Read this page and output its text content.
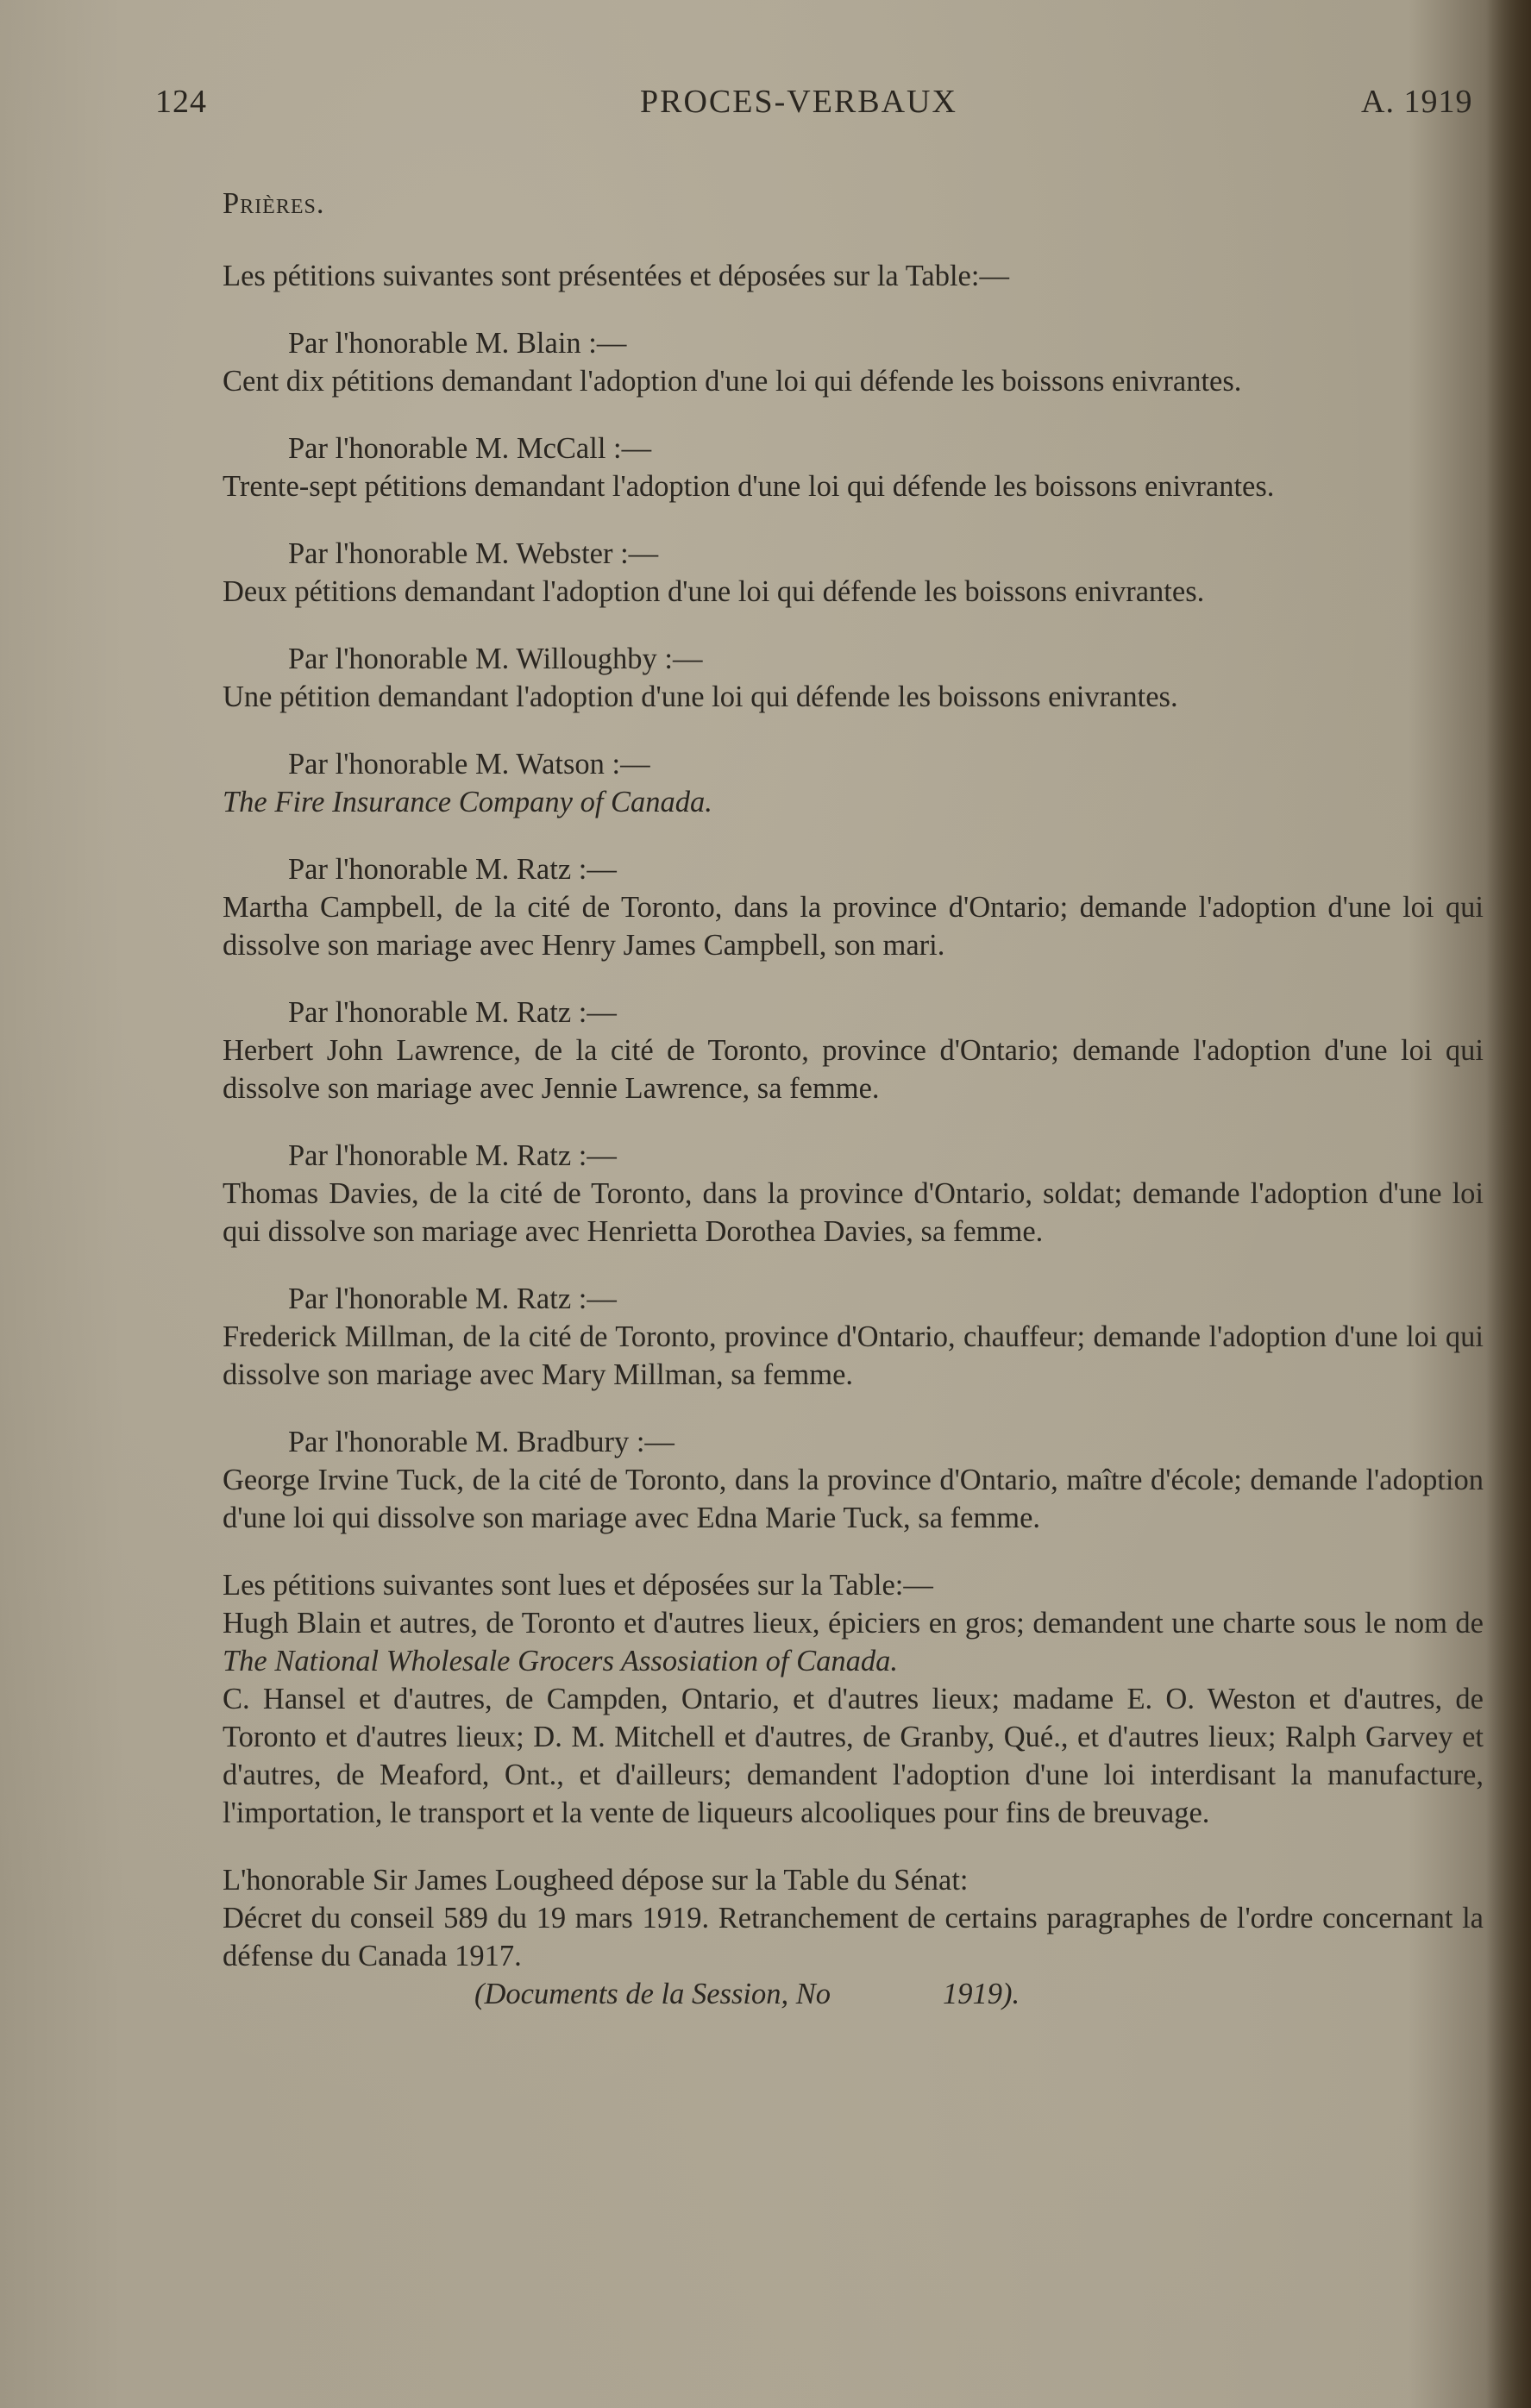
124	PROCES-VERBAUX	A. 1919

Prières.

Les pétitions suivantes sont présentées et déposées sur la Table:—

Par l'honorable M. Blain :—

Cent dix pétitions demandant l'adoption d'une loi qui défende les boissons enivrantes.

Par l'honorable M. McCall :—

Trente-sept pétitions demandant l'adoption d'une loi qui défende les boissons enivrantes.

Par l'honorable M. Webster :—

Deux pétitions demandant l'adoption d'une loi qui défende les boissons enivrantes.

Par l'honorable M. Willoughby :—

Une pétition demandant l'adoption d'une loi qui défende les boissons enivrantes.

Par l'honorable M. Watson :—

The Fire Insurance Company of Canada.

Par l'honorable M. Ratz :—

Martha Campbell, de la cité de Toronto, dans la province d'Ontario; demande l'adoption d'une loi qui dissolve son mariage avec Henry James Campbell, son mari.

Par l'honorable M. Ratz :—

Herbert John Lawrence, de la cité de Toronto, province d'Ontario; demande l'adoption d'une loi qui dissolve son mariage avec Jennie Lawrence, sa femme.

Par l'honorable M. Ratz :—

Thomas Davies, de la cité de Toronto, dans la province d'Ontario, soldat; demande l'adoption d'une loi qui dissolve son mariage avec Henrietta Dorothea Davies, sa femme.

Par l'honorable M. Ratz :—

Frederick Millman, de la cité de Toronto, province d'Ontario, chauffeur; demande l'adoption d'une loi qui dissolve son mariage avec Mary Millman, sa femme.

Par l'honorable M. Bradbury :—

George Irvine Tuck, de la cité de Toronto, dans la province d'Ontario, maître d'école; demande l'adoption d'une loi qui dissolve son mariage avec Edna Marie Tuck, sa femme.

Les pétitions suivantes sont lues et déposées sur la Table:—

Hugh Blain et autres, de Toronto et d'autres lieux, épiciers en gros; demandent une charte sous le nom de The National Wholesale Grocers Assosiation of Canada.

C. Hansel et d'autres, de Campden, Ontario, et d'autres lieux; madame E. O. Weston et d'autres, de Toronto et d'autres lieux; D. M. Mitchell et d'autres, de Granby, Qué., et d'autres lieux; Ralph Garvey et d'autres, de Meaford, Ont., et d'ailleurs; demandent l'adoption d'une loi interdisant la manufacture, l'importation, le transport et la vente de liqueurs alcooliques pour fins de breuvage.

L'honorable Sir James Lougheed dépose sur la Table du Sénat:

Décret du conseil 589 du 19 mars 1919. Retranchement de certains paragraphes de l'ordre concernant la défense du Canada 1917.

(Documents de la Session, No	1919).
